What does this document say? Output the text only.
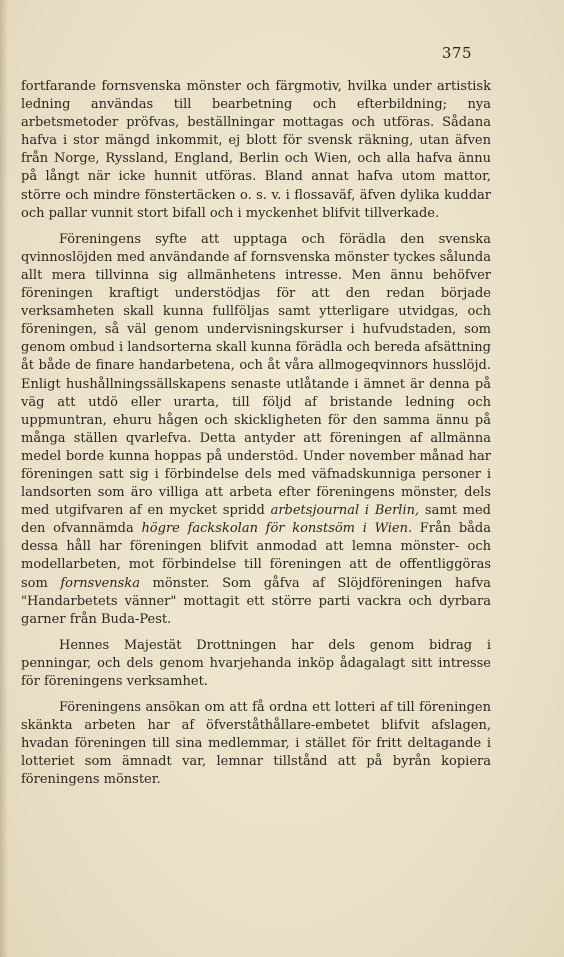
375

fortfarande fornsvenska mönster och färgmotiv, hvilka under artistisk ledning användas till bearbetning och efterbildning; nya arbetsmetoder pröfvas, beställningar mottagas och utföras. Sådana hafva i stor mängd inkommit, ej blott för svensk räkning, utan äfven från Norge, Ryssland, England, Berlin och Wien, och alla hafva ännu på långt när icke hunnit utföras. Bland annat hafva utom mattor, större och mindre fönstertäcken o. s. v. i flossaväf, äfven dylika kuddar och pallar vunnit stort bifall och i myckenhet blifvit tillverkade.

Föreningens syfte att upptaga och förädla den svenska qvinnoslöjden med användande af fornsvenska mönster tyckes sålunda allt mera tillvinna sig allmänhetens intresse. Men ännu behöfver föreningen kraftigt understödjas för att den redan började verksamheten skall kunna fullföljas samt ytterligare utvidgas, och föreningen, så väl genom undervisningskurser i hufvudstaden, som genom ombud i landsorterna skall kunna förädla och bereda afsättning åt både de finare handarbetena, och åt våra allmogeqvinnors husslöjd. Enligt hushållningssällskapens senaste utlåtande i ämnet är denna på väg att utdö eller urarta, till följd af bristande ledning och uppmuntran, ehuru hågen och skickligheten för den samma ännu på många ställen qvarlefva. Detta antyder att föreningen af allmänna medel borde kunna hoppas på understöd. Under november månad har föreningen satt sig i förbindelse dels med väfnadskunniga personer i landsorten som äro villiga att arbeta efter föreningens mönster, dels med utgifvaren af en mycket spridd arbetsjournal i Berlin, samt med den ofvannämda högre fackskolan för konstsöm i Wien. Från båda dessa håll har föreningen blifvit anmodad att lemna mönster- och modellarbeten, mot förbindelse till föreningen att de offentliggöras som fornsvenska mönster. Som gåfva af Slöjdföreningen hafva "Handarbetets vänner" mottagit ett större parti vackra och dyrbara garner från Buda-Pest.

Hennes Majestät Drottningen har dels genom bidrag i penningar, och dels genom hvarjehanda inköp ådagalagt sitt intresse för föreningens verksamhet.

Föreningens ansökan om att få ordna ett lotteri af till föreningen skänkta arbeten har af öfverståthållare-embetet blifvit afslagen, hvadan föreningen till sina medlemmar, i stället för fritt deltagande i lotteriet som ämnadt var, lemnar tillstånd att på byrån kopiera föreningens mönster.
